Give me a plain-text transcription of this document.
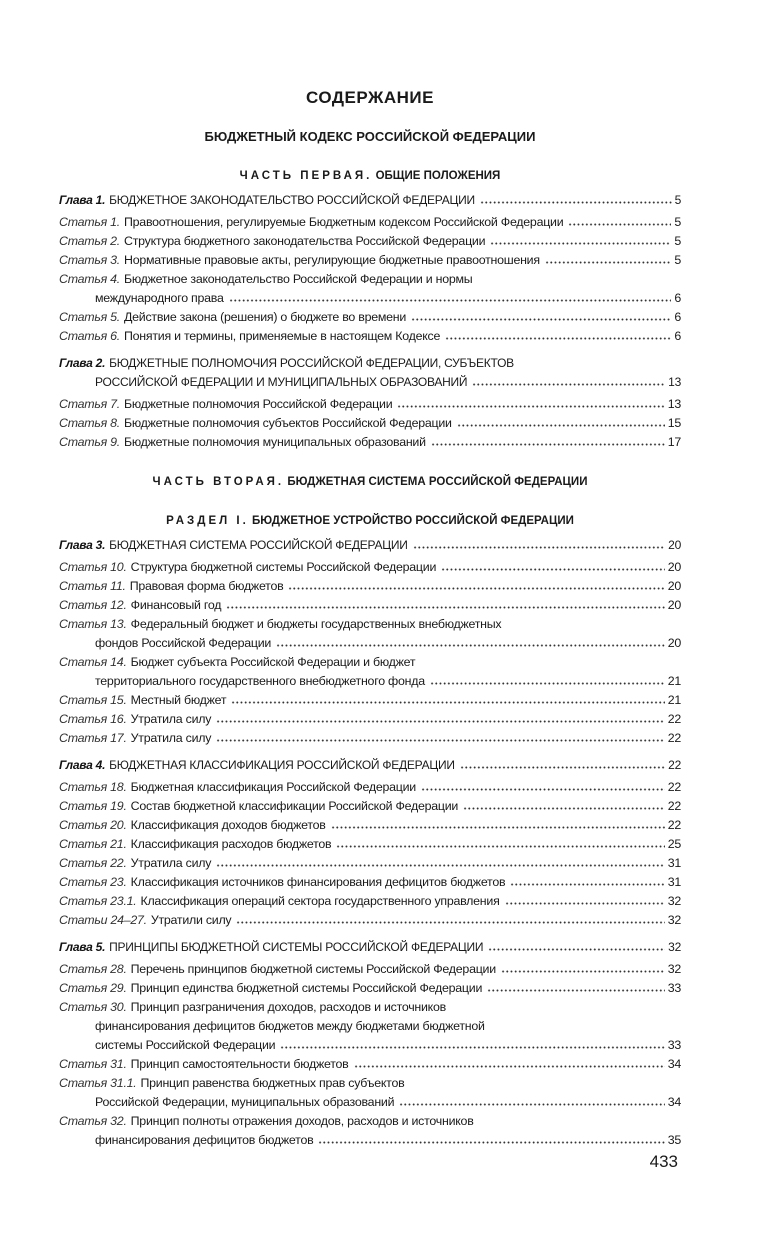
СОДЕРЖАНИЕ
БЮДЖЕТНЫЙ КОДЕКС РОССИЙСКОЙ ФЕДЕРАЦИИ
ЧАСТЬ ПЕРВАЯ. ОБЩИЕ ПОЛОЖЕНИЯ
Глава 1. БЮДЖЕТНОЕ ЗАКОНОДАТЕЛЬСТВО РОССИЙСКОЙ ФЕДЕРАЦИИ	5
Статья 1. Правоотношения, регулируемые Бюджетным кодексом Российской Федерации	5
Статья 2. Структура бюджетного законодательства Российской Федерации	5
Статья 3. Нормативные правовые акты, регулирующие бюджетные правоотношения	5
Статья 4. Бюджетное законодательство Российской Федерации и нормы
международного права	6
Статья 5. Действие закона (решения) о бюджете во времени	6
Статья 6. Понятия и термины, применяемые в настоящем Кодексе	6
Глава 2. БЮДЖЕТНЫЕ ПОЛНОМОЧИЯ РОССИЙСКОЙ ФЕДЕРАЦИИ, СУБЪЕКТОВ
РОССИЙСКОЙ ФЕДЕРАЦИИ И МУНИЦИПАЛЬНЫХ ОБРАЗОВАНИЙ	13
Статья 7. Бюджетные полномочия Российской Федерации	13
Статья 8. Бюджетные полномочия субъектов Российской Федерации	15
Статья 9. Бюджетные полномочия муниципальных образований	17
ЧАСТЬ ВТОРАЯ. БЮДЖЕТНАЯ СИСТЕМА РОССИЙСКОЙ ФЕДЕРАЦИИ
РАЗДЕЛ I. БЮДЖЕТНОЕ УСТРОЙСТВО РОССИЙСКОЙ ФЕДЕРАЦИИ
Глава 3. БЮДЖЕТНАЯ СИСТЕМА РОССИЙСКОЙ ФЕДЕРАЦИИ	20
Статья 10. Структура бюджетной системы Российской Федерации	20
Статья 11. Правовая форма бюджетов	20
Статья 12. Финансовый год	20
Статья 13. Федеральный бюджет и бюджеты государственных внебюджетных
фондов Российской Федерации	20
Статья 14. Бюджет субъекта Российской Федерации и бюджет
территориального государственного внебюджетного фонда	21
Статья 15. Местный бюджет	21
Статья 16. Утратила силу	22
Статья 17. Утратила силу	22
Глава 4. БЮДЖЕТНАЯ КЛАССИФИКАЦИЯ РОССИЙСКОЙ ФЕДЕРАЦИИ	22
Статья 18. Бюджетная классификация Российской Федерации	22
Статья 19. Состав бюджетной классификации Российской Федерации	22
Статья 20. Классификация доходов бюджетов	22
Статья 21. Классификация расходов бюджетов	25
Статья 22. Утратила силу	31
Статья 23. Классификация источников финансирования дефицитов бюджетов	31
Статья 23.1. Классификация операций сектора государственного управления	32
Статьи 24–27. Утратили силу	32
Глава 5. ПРИНЦИПЫ БЮДЖЕТНОЙ СИСТЕМЫ РОССИЙСКОЙ ФЕДЕРАЦИИ	32
Статья 28. Перечень принципов бюджетной системы Российской Федерации	32
Статья 29. Принцип единства бюджетной системы Российской Федерации	33
Статья 30. Принцип разграничения доходов, расходов и источников
финансирования дефицитов бюджетов между бюджетами бюджетной
системы Российской Федерации	33
Статья 31. Принцип самостоятельности бюджетов	34
Статья 31.1. Принцип равенства бюджетных прав субъектов
Российской Федерации, муниципальных образований	34
Статья 32. Принцип полноты отражения доходов, расходов и источников
финансирования дефицитов бюджетов	35
433
